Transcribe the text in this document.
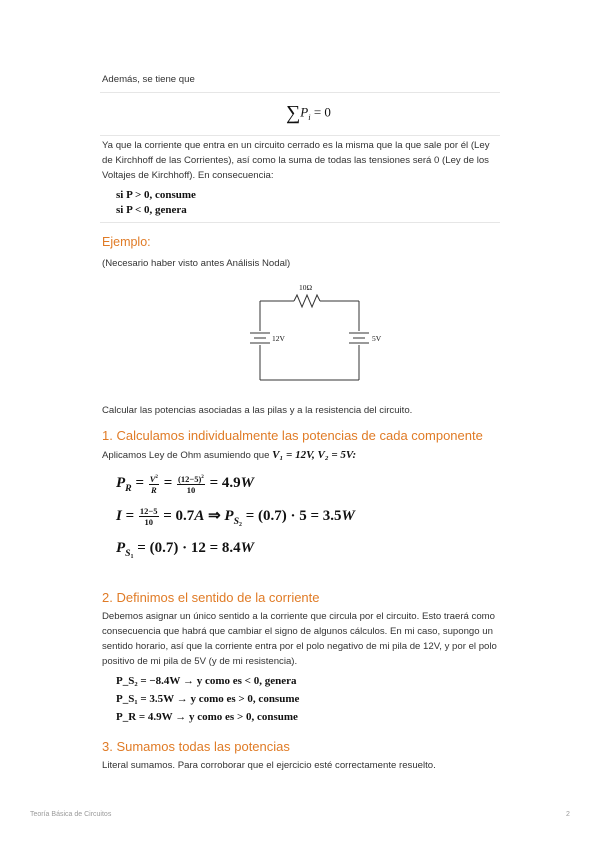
Además, se tiene que
$\sum P_i = 0$
Ya que la corriente que entra en un circuito cerrado es la misma que la que sale por él (Ley de Kirchhoff de las Corrientes), así como la suma de todas las tensiones será 0 (Ley de los Voltajes de Kirchhoff). En consecuencia:
si P > 0, consume
si P < 0, genera
Ejemplo:
(Necesario haber visto antes Análisis Nodal)
10Ω
12V	5V
Calcular las potencias asociadas a las pilas y a la resistencia del circuito.
1. Calculamos individualmente las potencias de cada componente
Aplicamos Ley de Ohm asumiendo que V₁ = 12V, V₂ = 5V:
$P_R = \frac{V^2}{R} = \frac{(12-5)^2}{10} = 4.9W$
$I = \frac{12-5}{10} = 0.7A$ ⇒ $P_{S_2} = (0.7) \cdot 5 = 3.5W$
$P_{S_1} = (0.7) \cdot 12 = 8.4W$
2. Definimos el sentido de la corriente
Debemos asignar un único sentido a la corriente que circula por el circuito. Esto traerá como consecuencia que habrá que cambiar el signo de algunos cálculos. En mi caso, supongo un sentido horario, así que la corriente entra por el polo negativo de mi pila de 12V, y por el polo positivo de mi pila de 5V (y de mi resistencia).
P_S₂ = −8.4W → y como es < 0, genera
P_S₁ = 3.5W → y como es > 0, consume
P_R = 4.9W → y como es > 0, consume
3. Sumamos todas las potencias
Literal sumamos. Para corroborar que el ejercicio esté correctamente resuelto.
Teoría Básica de Circuitos	2
